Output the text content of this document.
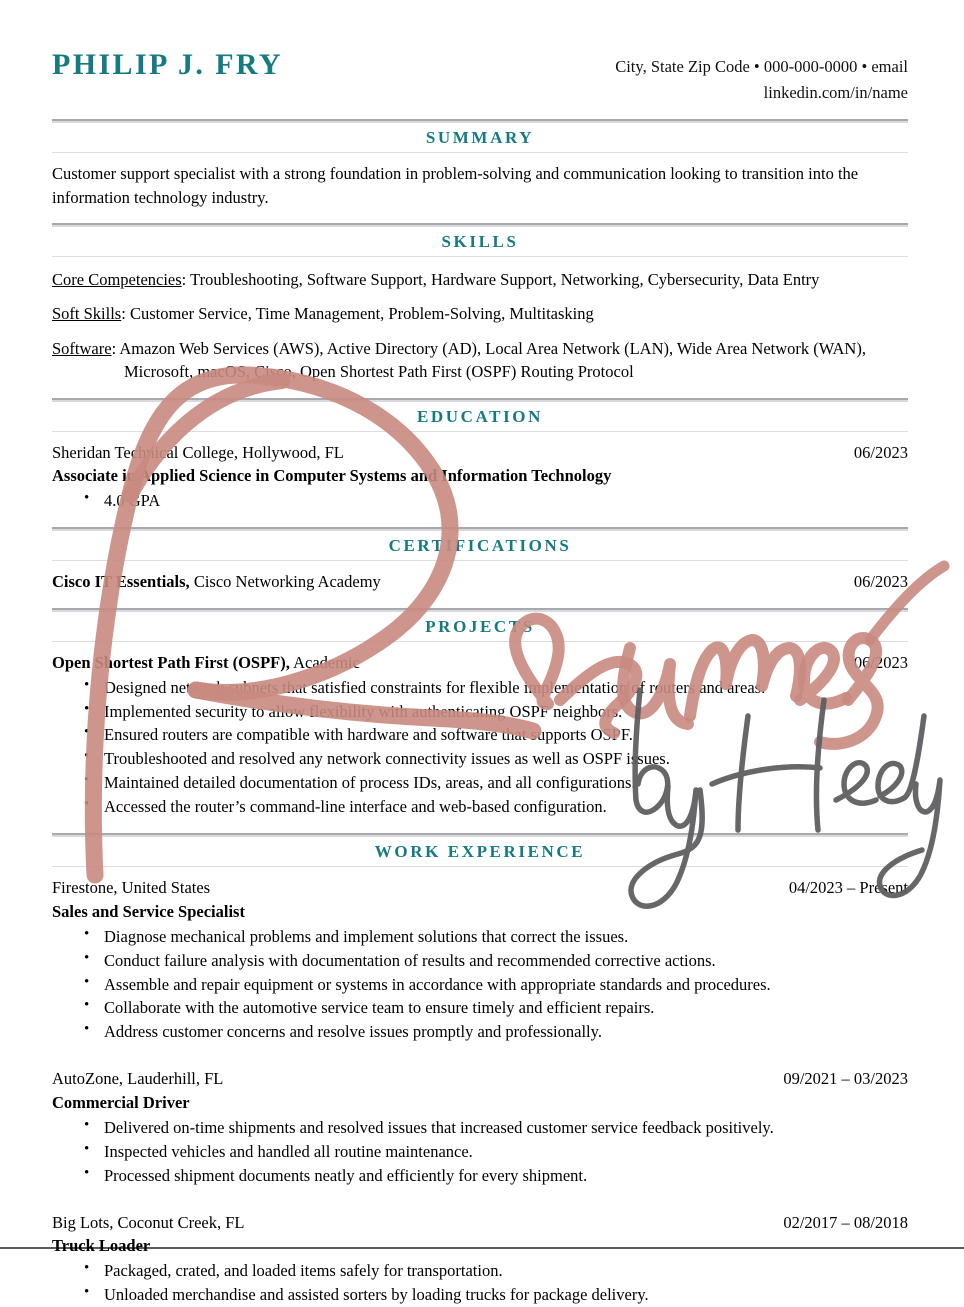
PHILIP J. FRY	City, State Zip Code • 000-000-0000 • email
linkedin.com/in/name
SUMMARY
Customer support specialist with a strong foundation in problem-solving and communication looking to transition into the information technology industry.
SKILLS
Core Competencies: Troubleshooting, Software Support, Hardware Support, Networking, Cybersecurity, Data Entry
Soft Skills: Customer Service, Time Management, Problem-Solving, Multitasking
Software: Amazon Web Services (AWS), Active Directory (AD), Local Area Network (LAN), Wide Area Network (WAN), Microsoft, macOS, Cisco, Open Shortest Path First (OSPF) Routing Protocol
EDUCATION
Sheridan Technical College, Hollywood, FL	06/2023
Associate in Applied Science in Computer Systems and Information Technology
• 4.0 GPA
CERTIFICATIONS
Cisco IT Essentials, Cisco Networking Academy	06/2023
PROJECTS
Open Shortest Path First (OSPF), Academic	06/2023
• Designed network subnets that satisfied constraints for flexible implementation of routers and areas.
• Implemented security to allow flexibility with authenticating OSPF neighbors.
• Ensured routers are compatible with hardware and software that supports OSPF.
• Troubleshooted and resolved any network connectivity issues as well as OSPF issues.
• Maintained detailed documentation of process IDs, areas, and all configurations.
• Accessed the router’s command-line interface and web-based configuration.
WORK EXPERIENCE
Firestone, United States	04/2023 – Present
Sales and Service Specialist
• Diagnose mechanical problems and implement solutions that correct the issues.
• Conduct failure analysis with documentation of results and recommended corrective actions.
• Assemble and repair equipment or systems in accordance with appropriate standards and procedures.
• Collaborate with the automotive service team to ensure timely and efficient repairs.
• Address customer concerns and resolve issues promptly and professionally.
AutoZone, Lauderhill, FL	09/2021 – 03/2023
Commercial Driver
• Delivered on-time shipments and resolved issues that increased customer service feedback positively.
• Inspected vehicles and handled all routine maintenance.
• Processed shipment documents neatly and efficiently for every shipment.
Big Lots, Coconut Creek, FL	02/2017 – 08/2018
Truck Loader
• Packaged, crated, and loaded items safely for transportation.
• Unloaded merchandise and assisted sorters by loading trucks for package delivery.
